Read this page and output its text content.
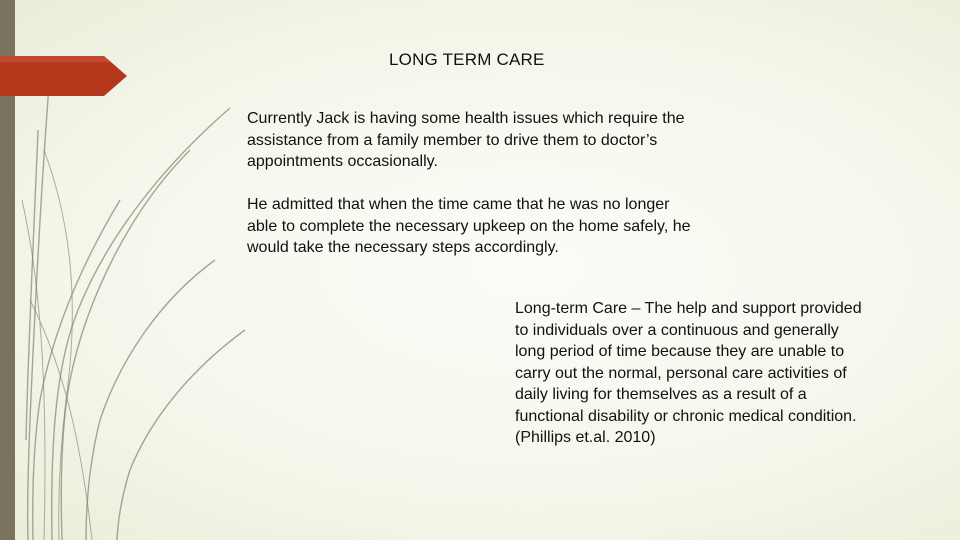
LONG TERM CARE

Currently Jack is having some health issues which require the assistance from a family member to drive them to doctor’s appointments occasionally.

He admitted that when the time came that he was no longer able to complete the necessary upkeep on the home safely, he would take the necessary steps accordingly.

Long-term Care – The help and support provided to individuals over a continuous and generally long period of time because they are unable to carry out the normal, personal care activities of daily living for themselves as a result of a functional disability or chronic medical condition. (Phillips et.al. 2010)
